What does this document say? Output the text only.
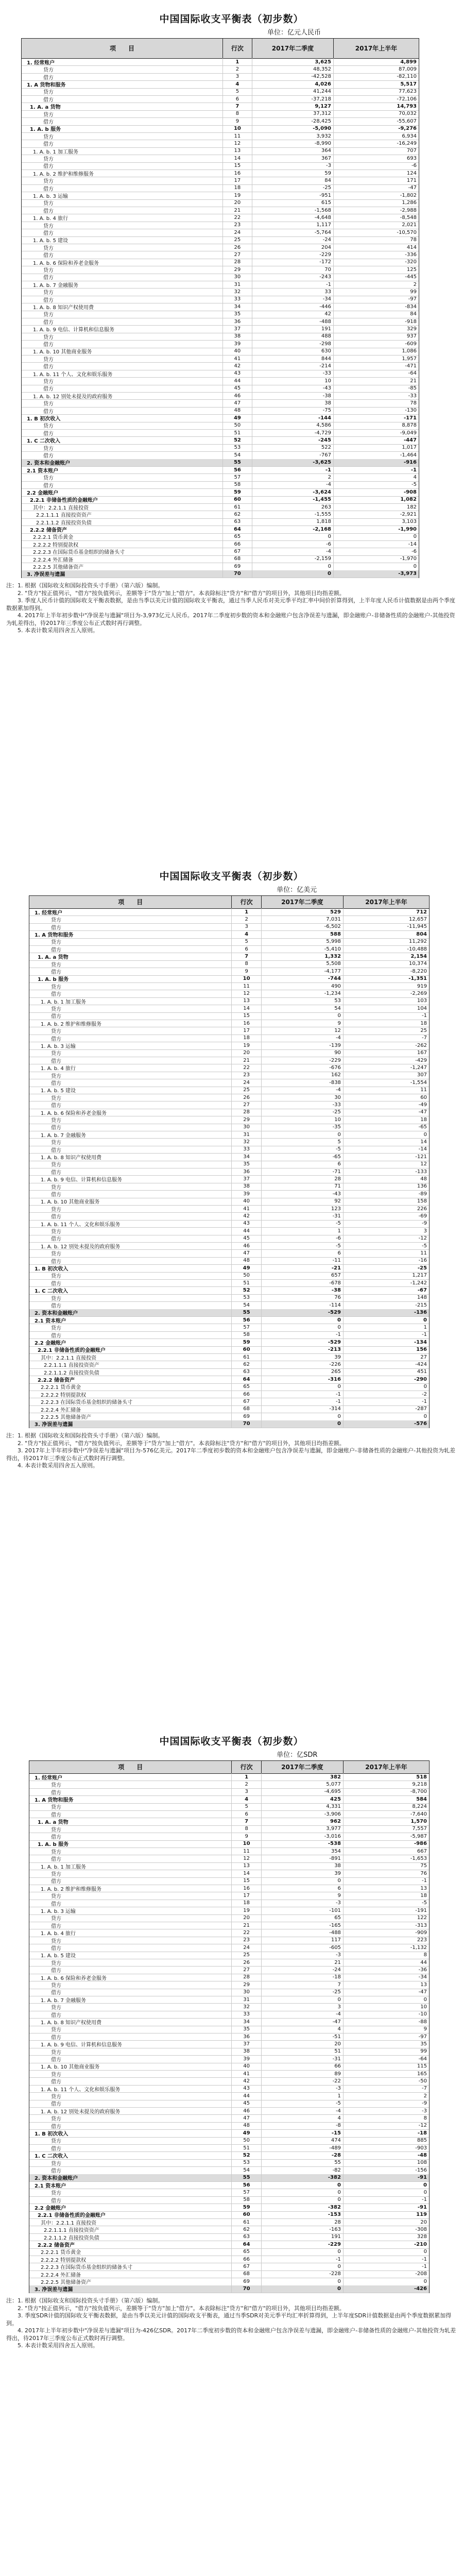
中国国际收支平衡表（初步数）
单位：亿元人民币
项　　目	行次	2017年二季度	2017年上半年
1. 经常账户	1	3,625	4,899
贷方	2	48,352	87,009
借方	3	-42,528	-82,110
1. A 货物和服务	4	4,026	5,517
贷方	5	41,244	77,623
借方	6	-37,218	-72,106
1. A. a 货物	7	9,127	14,793
贷方	8	37,312	70,032
借方	9	-28,425	-55,607
1. A. b 服务	10	-5,090	-9,276
贷方	11	3,932	6,934
借方	12	-8,990	-16,249
1. A. b. 1 加工服务	13	364	707
贷方	14	367	693
借方	15	-3	-6
1. A. b. 2 维护和维修服务	16	59	124
贷方	17	84	171
借方	18	-25	-47
1. A. b. 3 运输	19	-951	-1,802
贷方	20	615	1,286
借方	21	-1,568	-2,988
1. A. b. 4 旅行	22	-4,648	-8,548
贷方	23	1,117	2,021
借方	24	-5,764	-10,570
1. A. b. 5 建设	25	-24	78
贷方	26	204	414
借方	27	-229	-336
1. A. b. 6 保险和养老金服务	28	-172	-320
贷方	29	70	125
借方	30	-243	-445
1. A. b. 7 金融服务	31	-1	2
贷方	32	33	99
借方	33	-34	-97
1. A. b. 8 知识产权使用费	34	-446	-834
贷方	35	42	84
借方	36	-488	-918
1. A. b. 9 电信、计算机和信息服务	37	191	329
贷方	38	488	937
借方	39	-298	-609
1. A. b. 10 其他商业服务	40	630	1,086
贷方	41	844	1,957
借方	42	-214	-471
1. A. b. 11 个人、文化和娱乐服务	43	-33	-64
贷方	44	10	21
借方	45	-43	-85
1. A. b. 12 别处未提及的政府服务	46	-38	-33
贷方	47	38	78
借方	48	-75	-130
1. B 初次收入	49	-144	-171
贷方	50	4,586	8,878
借方	51	-4,729	-9,049
1. C 二次收入	52	-245	-447
贷方	53	522	1,017
借方	54	-767	-1,464
2. 资本和金融账户	55	-3,625	-916
2.1 资本账户	56	-1	-1
贷方	57	2	4
借方	58	-4	-5
2.2 金融账户	59	-3,624	-908
2.2.1 非储备性质的金融账户	60	-1,455	1,082
其中：2.2.1.1 直接投资	61	263	182
2.2.1.1.1 直接投资资产	62	-1,555	-2,921
2.2.1.1.2 直接投资负债	63	1,818	3,103
2.2.2 储备资产	64	-2,168	-1,990
2.2.2.1 货币黄金	65	0	0
2.2.2.2 特别提款权	66	-6	-14
2.2.2.3 在国际货币基金组织的储备头寸	67	-4	-6
2.2.2.4 外汇储备	68	-2,159	-1,970
2.2.2.5 其他储备资产	69	0	0
3. 净误差与遗漏	70	0	-3,973

注：1. 根据《国际收支和国际投资头寸手册》（第六版）编制。

　　2. "贷方"按正值列示，"借方"按负值列示，差额等于"贷方"加上"借方"。本表除标注"贷方"和"借方"的项目外，其他项目均指差额。

　　3. 季度人民币计值的国际收支平衡表数据，是由当季以美元计值的国际收支平衡表，通过当季人民币对美元季平均汇率中间价折算得到，上半年度人民币计值数据是由两个季度数据累加得到。

　　4. 2017年上半年初步数中"净误差与遗漏"项目为-3,973亿元人民币。2017年二季度初步数的资本和金融账户包含净误差与遗漏，即金融账户-非储备性质的金融账户-其他投资为轧差得出，待2017年三季度公布正式数时再行调整。

　　5. 本表计数采用四舍五入原则。

中国国际收支平衡表（初步数）
单位：亿美元
项　　目	行次	2017年二季度	2017年上半年
1. 经常账户	1	529	712
贷方	2	7,031	12,657
借方	3	-6,502	-11,945
1. A 货物和服务	4	588	804
贷方	5	5,998	11,292
借方	6	-5,410	-10,488
1. A. a 货物	7	1,332	2,154
贷方	8	5,508	10,374
借方	9	-4,177	-8,220
1. A. b 服务	10	-744	-1,351
贷方	11	490	919
借方	12	-1,234	-2,269
1. A. b. 1 加工服务	13	53	103
贷方	14	54	104
借方	15	0	-1
1. A. b. 2 维护和维修服务	16	9	18
贷方	17	12	25
借方	18	-4	-7
1. A. b. 3 运输	19	-139	-262
贷方	20	90	167
借方	21	-229	-429
1. A. b. 4 旅行	22	-676	-1,247
贷方	23	162	307
借方	24	-838	-1,554
1. A. b. 5 建设	25	-4	11
贷方	26	30	60
借方	27	-33	-49
1. A. b. 6 保险和养老金服务	28	-25	-47
贷方	29	10	18
借方	30	-35	-65
1. A. b. 7 金融服务	31	0	0
贷方	32	5	14
借方	33	-5	-14
1. A. b. 8 知识产权使用费	34	-65	-121
贷方	35	6	12
借方	36	-71	-133
1. A. b. 9 电信、计算机和信息服务	37	28	48
贷方	38	71	136
借方	39	-43	-89
1. A. b. 10 其他商业服务	40	92	158
贷方	41	123	226
借方	42	-31	-69
1. A. b. 11 个人、文化和娱乐服务	43	-5	-9
贷方	44	1	3
借方	45	-6	-12
1. A. b. 12 别处未提及的政府服务	46	-5	-5
贷方	47	6	11
借方	48	-11	-16
1. B 初次收入	49	-21	-25
贷方	50	657	1,217
借方	51	-678	-1,242
1. C 二次收入	52	-38	-67
贷方	53	76	148
借方	54	-114	-215
2. 资本和金融账户	55	-529	-136
2.1 资本账户	56	0	0
贷方	57	0	1
借方	58	-1	-1
2.2 金融账户	59	-529	-134
2.2.1 非储备性质的金融账户	60	-213	156
其中：2.2.1.1 直接投资	61	39	27
2.2.1.1.1 直接投资资产	62	-226	-424
2.2.1.1.2 直接投资负债	63	265	451
2.2.2 储备资产	64	-316	-290
2.2.2.1 货币黄金	65	0	0
2.2.2.2 特别提款权	66	-1	-2
2.2.2.3 在国际货币基金组织的储备头寸	67	-1	-1
2.2.2.4 外汇储备	68	-314	-287
2.2.2.5 其他储备资产	69	0	0
3. 净误差与遗漏	70	0	-576

注：1. 根据《国际收支和国际投资头寸手册》（第六版）编制。

　　2. "贷方"按正值列示，"借方"按负值列示，差额等于"贷方"加上"借方"。本表除标注"贷方"和"借方"的项目外，其他项目均指差额。

　　3. 2017年上半年初步数中"净误差与遗漏"项目为-576亿美元。2017年二季度初步数的资本和金融账户包含净误差与遗漏，即金融账户-非储备性质的金融账户-其他投资为轧差得出，待2017年三季度公布正式数时再行调整。

　　4. 本表计数采用四舍五入原则。

中国国际收支平衡表（初步数）
单位：亿SDR
项　　目	行次	2017年二季度	2017年上半年
1. 经常账户	1	382	518
贷方	2	5,077	9,218
借方	3	-4,695	-8,700
1. A 货物和服务	4	425	584
贷方	5	4,331	8,224
借方	6	-3,906	-7,640
1. A. a 货物	7	962	1,570
贷方	8	3,977	7,557
借方	9	-3,016	-5,987
1. A. b 服务	10	-538	-986
贷方	11	354	667
借方	12	-891	-1,653
1. A. b. 1 加工服务	13	38	75
贷方	14	39	76
借方	15	0	-1
1. A. b. 2 维护和维修服务	16	6	13
贷方	17	9	18
借方	18	-3	-5
1. A. b. 3 运输	19	-101	-191
贷方	20	65	122
借方	21	-165	-313
1. A. b. 4 旅行	22	-488	-909
贷方	23	117	223
借方	24	-605	-1,132
1. A. b. 5 建设	25	-3	8
贷方	26	21	44
借方	27	-24	-36
1. A. b. 6 保险和养老金服务	28	-18	-34
贷方	29	7	13
借方	30	-25	-47
1. A. b. 7 金融服务	31	0	0
贷方	32	3	10
借方	33	-4	-10
1. A. b. 8 知识产权使用费	34	-47	-88
贷方	35	4	9
借方	36	-51	-97
1. A. b. 9 电信、计算机和信息服务	37	20	35
贷方	38	51	99
借方	39	-31	-64
1. A. b. 10 其他商业服务	40	66	115
贷方	41	89	165
借方	42	-22	-50
1. A. b. 11 个人、文化和娱乐服务	43	-3	-7
贷方	44	1	2
借方	45	-5	-9
1. A. b. 12 别处未提及的政府服务	46	-4	-3
贷方	47	4	8
借方	48	-8	-12
1. B 初次收入	49	-15	-18
贷方	50	474	885
借方	51	-489	-903
1. C 二次收入	52	-28	-48
贷方	53	55	108
借方	54	-82	-156
2. 资本和金融账户	55	-382	-91
2.1 资本账户	56	0	0
贷方	57	0	0
借方	58	0	-1
2.2 金融账户	59	-382	-91
2.2.1 非储备性质的金融账户	60	-153	119
其中：2.2.1.1 直接投资	61	28	20
2.2.1.1.1 直接投资资产	62	-163	-308
2.2.1.1.2 直接投资负债	63	191	328
2.2.2 储备资产	64	-229	-210
2.2.2.1 货币黄金	65	0	0
2.2.2.2 特别提款权	66	-1	-1
2.2.2.3 在国际货币基金组织的储备头寸	67	0	-1
2.2.2.4 外汇储备	68	-228	-208
2.2.2.5 其他储备资产	69	0	0
3. 净误差与遗漏	70	0	-426

注：1. 根据《国际收支和国际投资头寸手册》（第六版）编制。

　　2. "贷方"按正值列示，"借方"按负值列示，差额等于"贷方"加上"借方"。本表除标注"贷方"和"借方"的项目外，其他项目均指差额。

　　3. 季度SDR计值的国际收支平衡表数据，是由当季以美元计值的国际收支平衡表，通过当季SDR对美元季平均汇率折算得到，上半年度SDR计值数据是由两个季度数据累加得到。

　　4. 2017年上半年初步数中"净误差与遗漏"项目为-426亿SDR。2017年二季度初步数的资本和金融账户包含净误差与遗漏，即金融账户-非储备性质的金融账户-其他投资为轧差得出，待2017年三季度公布正式数时再行调整。

　　5. 本表计数采用四舍五入原则。
